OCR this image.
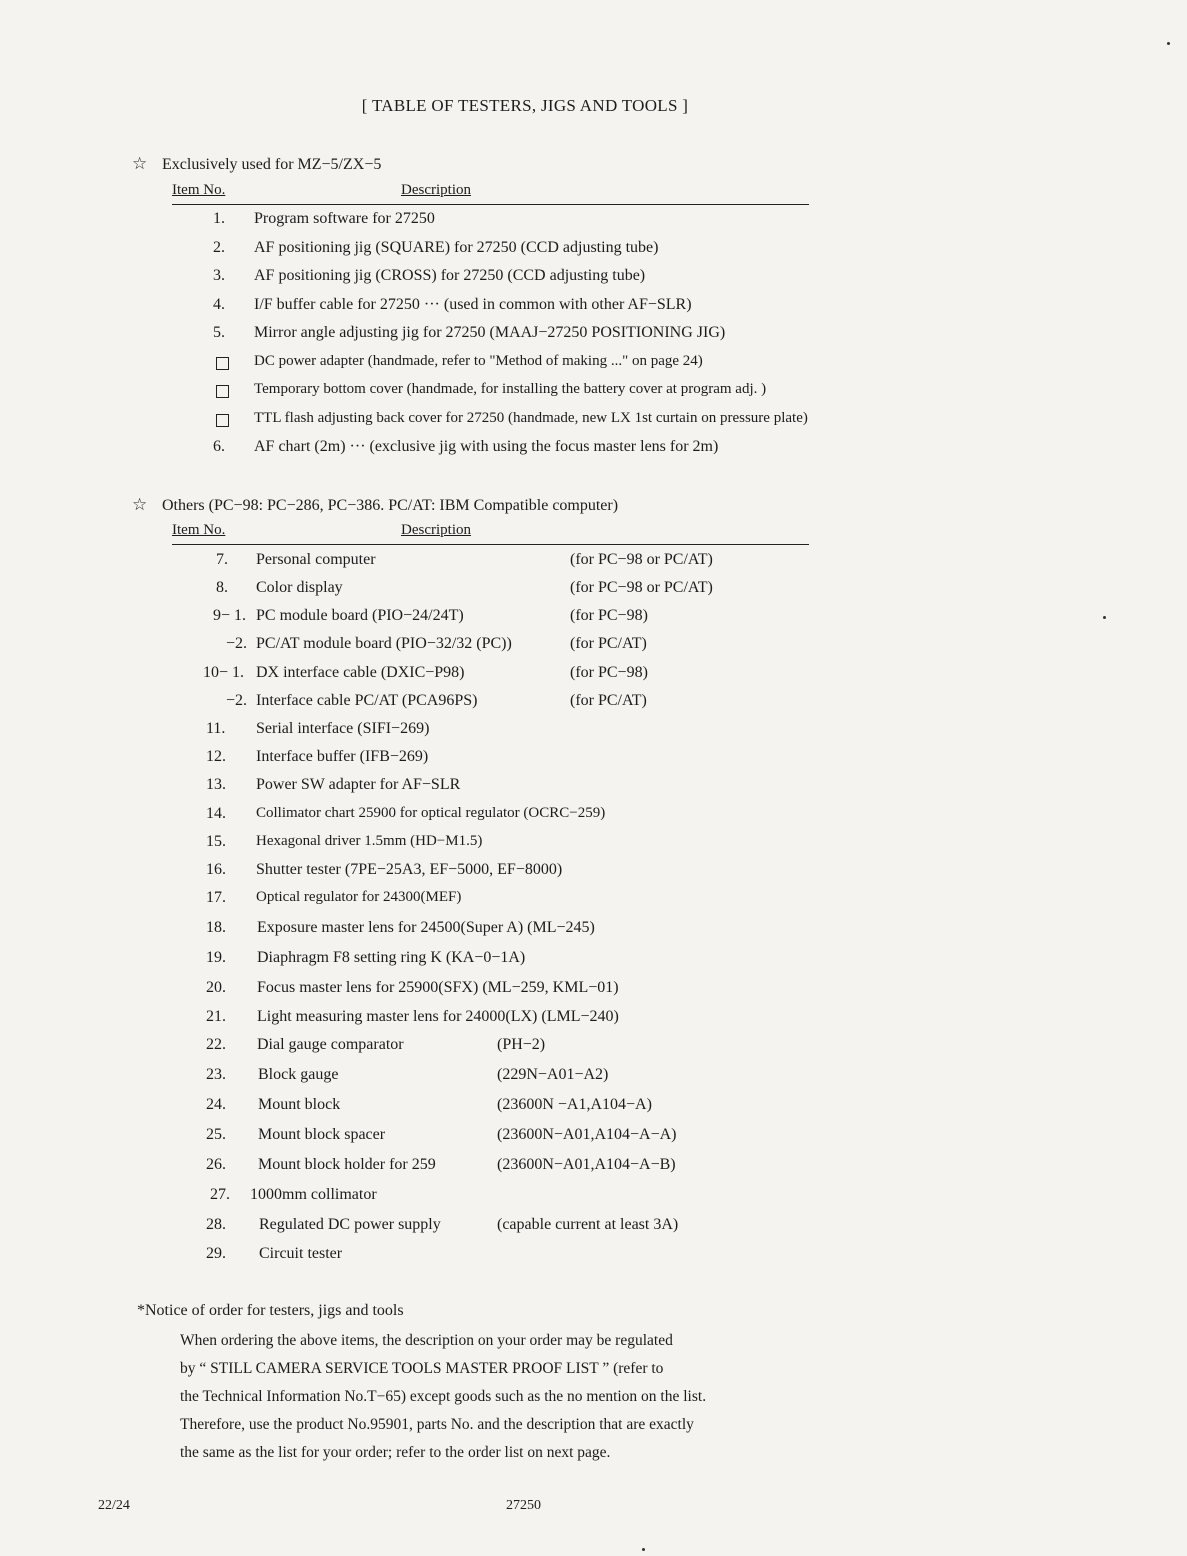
[ TABLE OF TESTERS, JIGS AND TOOLS ]
☆ Exclusively used for MZ−5/ZX−5
Item No.	Description
1. Program software for 27250
2. AF positioning jig (SQUARE) for 27250 (CCD adjusting tube)
3. AF positioning jig (CROSS) for 27250 (CCD adjusting tube)
4. I/F buffer cable for 27250 ··· (used in common with other AF−SLR)
5. Mirror angle adjusting jig for 27250 (MAAJ−27250 POSITIONING JIG)
DC power adapter (handmade, refer to "Method of making ..." on page 24)
Temporary bottom cover (handmade, for installing the battery cover at program adj. )
TTL flash adjusting back cover for 27250 (handmade, new LX 1st curtain on pressure plate)
6. AF chart (2m) ··· (exclusive jig with using the focus master lens for 2m)
☆ Others (PC−98: PC−286, PC−386. PC/AT: IBM Compatible computer)
Item No.	Description
7. Personal computer	(for PC−98 or PC/AT)
8. Color display	(for PC−98 or PC/AT)
9− 1. PC module board (PIO−24/24T)	(for PC−98)
−2. PC/AT module board (PIO−32/32 (PC))	(for PC/AT)
10− 1. DX interface cable (DXIC−P98)	(for PC−98)
−2. Interface cable PC/AT (PCA96PS)	(for PC/AT)
11. Serial interface (SIFI−269)
12. Interface buffer (IFB−269)
13. Power SW adapter for AF−SLR
14. Collimator chart 25900 for optical regulator (OCRC−259)
15. Hexagonal driver 1.5mm (HD−M1.5)
16. Shutter tester (7PE−25A3, EF−5000, EF−8000)
17. Optical regulator for 24300(MEF)
18. Exposure master lens for 24500(Super A) (ML−245)
19. Diaphragm F8 setting ring K (KA−0−1A)
20. Focus master lens for 25900(SFX) (ML−259, KML−01)
21. Light measuring master lens for 24000(LX) (LML−240)
22. Dial gauge comparator	(PH−2)
23. Block gauge	(229N−A01−A2)
24. Mount block	(23600N −A1,A104−A)
25. Mount block spacer	(23600N−A01,A104−A−A)
26. Mount block holder for 259	(23600N−A01,A104−A−B)
27. 1000mm collimator
28. Regulated DC power supply	(capable current at least 3A)
29. Circuit tester
*Notice of order for testers, jigs and tools
When ordering the above items, the description on your order may be regulated
by “ STILL CAMERA SERVICE TOOLS MASTER PROOF LIST ” (refer to
the Technical Information No.T−65) except goods such as the no mention on the list.
Therefore, use the product No.95901, parts No. and the description that are exactly
the same as the list for your order; refer to the order list on next page.
22/24	27250
